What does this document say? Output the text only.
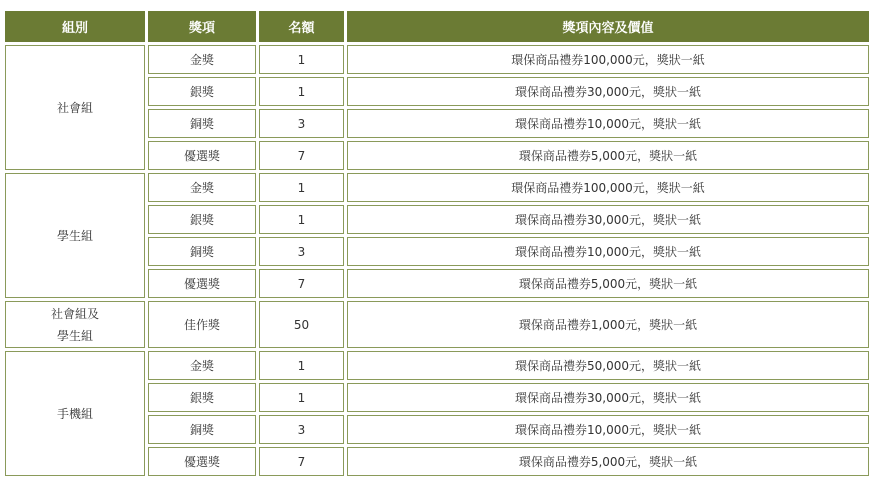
組別	獎項	名額	獎項內容及價值

社會組	金獎	1	環保商品禮券100,000元，獎狀一紙
	銀獎	1	環保商品禮券30,000元，獎狀一紙
	銅獎	3	環保商品禮券10,000元，獎狀一紙
	優選獎	7	環保商品禮券5,000元，獎狀一紙

學生組	金獎	1	環保商品禮券100,000元，獎狀一紙
	銀獎	1	環保商品禮券30,000元，獎狀一紙
	銅獎	3	環保商品禮券10,000元，獎狀一紙
	優選獎	7	環保商品禮券5,000元，獎狀一紙

社會組及
學生組	佳作獎	50	環保商品禮券1,000元，獎狀一紙

手機組	金獎	1	環保商品禮券50,000元，獎狀一紙
	銀獎	1	環保商品禮券30,000元，獎狀一紙
	銅獎	3	環保商品禮券10,000元，獎狀一紙
	優選獎	7	環保商品禮券5,000元，獎狀一紙
